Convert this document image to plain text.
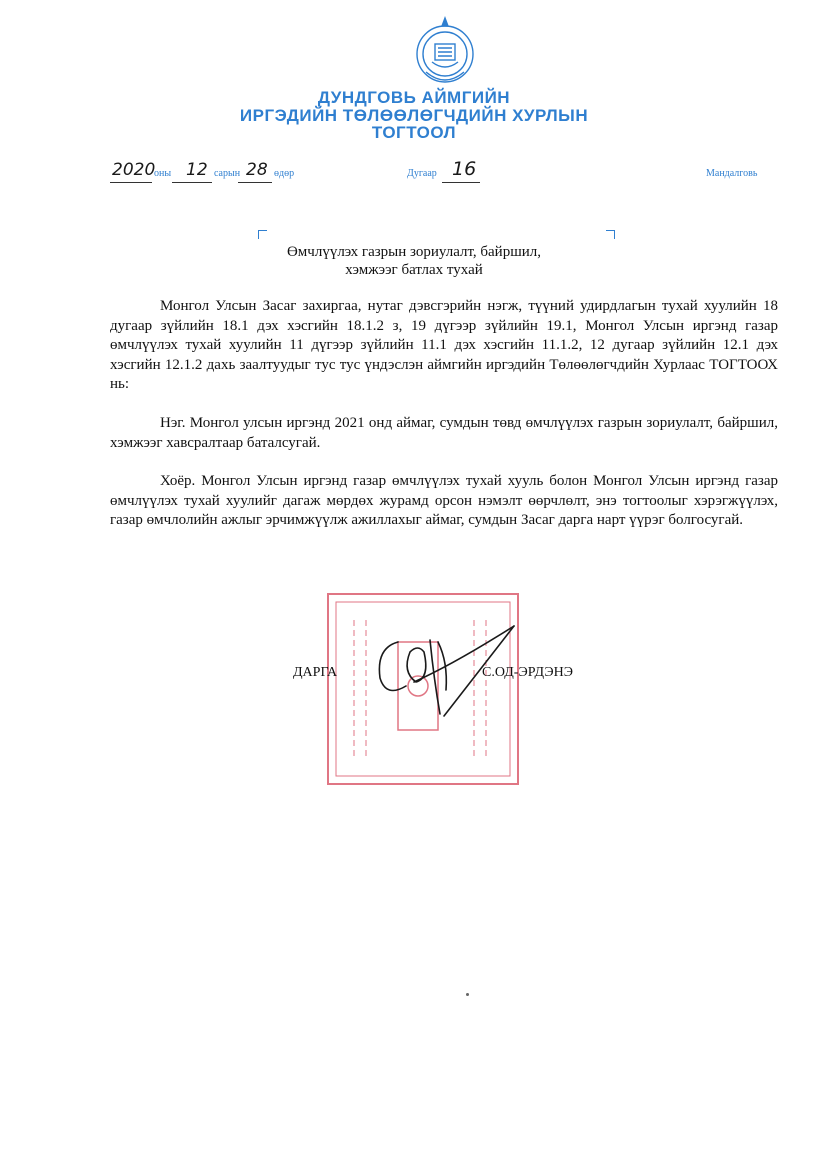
ДУНДГОВЬ АЙМГИЙН
ИРГЭДИЙН ТӨЛӨӨЛӨГЧДИЙН ХУРЛЫН
ТОГТООЛ
2020
оны 12 сарын 28 өдөр	Дугаар 16	Мандалговь
Өмчлүүлэх газрын зориулалт, байршил,
хэмжээг батлах тухай
Монгол Улсын Засаг захиргаа, нутаг дэвсгэрийн нэгж, түүний удирдлагын тухай хуулийн 18 дугаар зүйлийн 18.1 дэх хэсгийн 18.1.2 з, 19 дүгээр зүйлийн 19.1, Монгол Улсын иргэнд газар өмчлүүлэх тухай хуулийн 11 дүгээр зүйлийн 11.1 дэх хэсгийн 11.1.2, 12 дугаар зүйлийн 12.1 дэх хэсгийн 12.1.2 дахь заалтуудыг тус тус үндэслэн аймгийн иргэдийн Төлөөлөгчдийн Хурлаас ТОГТООХ нь:
Нэг. Монгол улсын иргэнд 2021 онд аймаг, сумдын төвд өмчлүүлэх газрын зориулалт, байршил, хэмжээг хавсралтаар баталсугай.
Хоёр. Монгол Улсын иргэнд газар өмчлүүлэх тухай хууль болон Монгол Улсын иргэнд газар өмчлүүлэх тухай хуулийг дагаж мөрдөх журамд орсон нэмэлт өөрчлөлт, энэ тогтоолыг хэрэгжүүлэх, газар өмчлолийн ажлыг эрчимжүүлж ажиллахыг аймаг, сумдын Засаг дарга нарт үүрэг болгосугай.
ДАРГА	С.ОД-ЭРДЭНЭ
